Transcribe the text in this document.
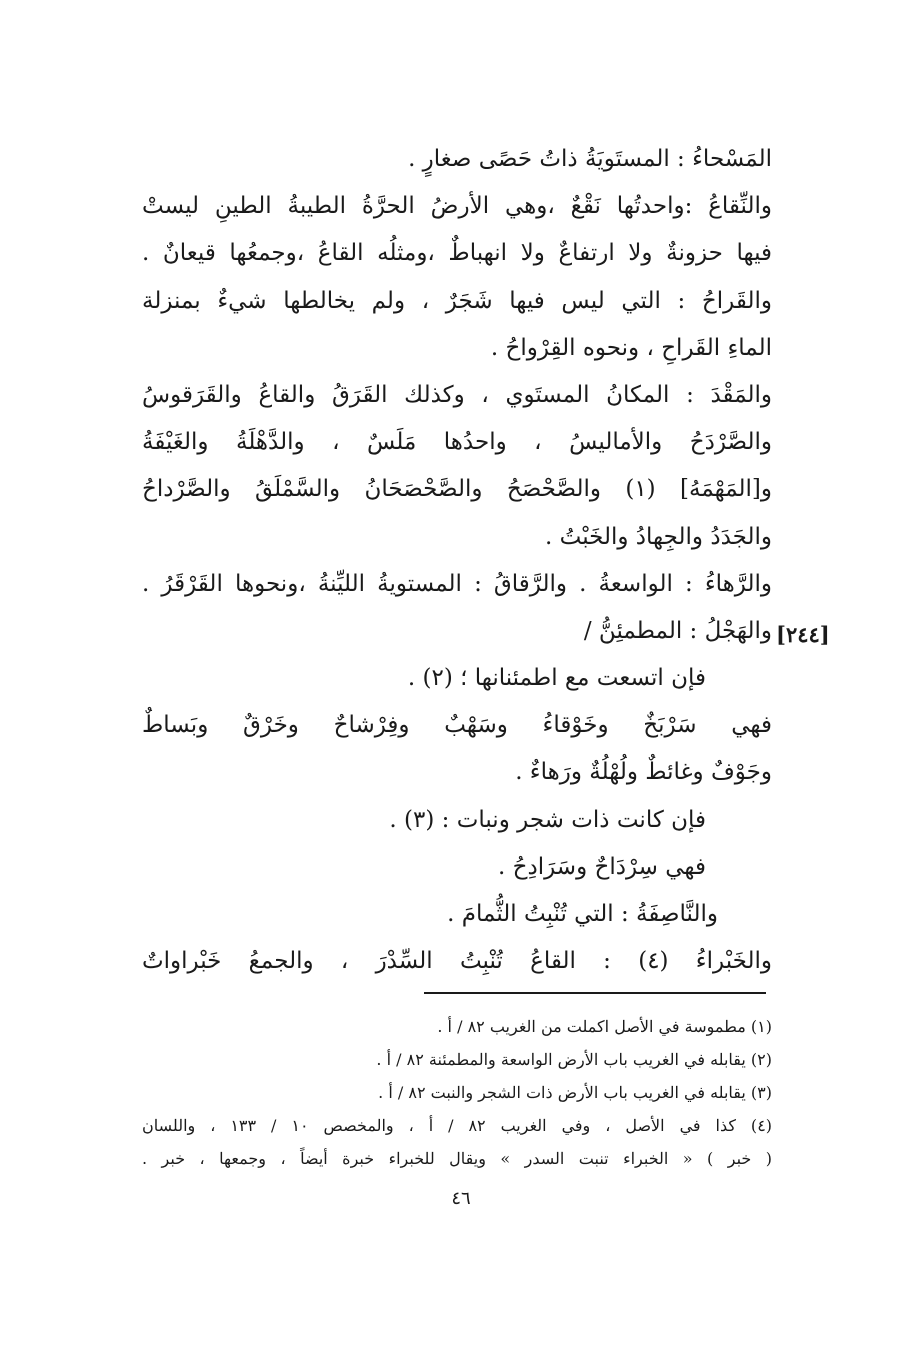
المَسْحاءُ : المستَويَةُ ذاتُ حَصًى صغارٍ .
والنِّقاعُ :واحدتُها نَقْعٌ ،وهي الأرضُ الحرَّةُ الطيبةُ الطينِ ليستْ
فيها حزونةٌ ولا ارتفاعٌ ولا انهباطٌ ،ومثلُه القاعُ ،وجمعُها قيعانٌ .
والقَراحُ : التي ليس فيها شَجَرٌ ، ولم يخالطها شيءٌ بمنزلة
الماءِ القَراحِ ، ونحوه القِرْواحُ .
والمَقْدَ : المكانُ المستَوي ، وكذلك القَرَقُ والقاعُ والقَرَقوسُ
والصَّرْدَحُ والأماليسُ ، واحدُها مَلَسٌ ، والدَّهْلَةُ والغَيْفَةُ
و[المَهْمَهُ] (١) والصَّحْصَحُ والصَّحْصَحَانُ والسَّمْلَقُ والصَّرْداحُ
والجَدَدُ والجِهادُ والخَبْتُ .
والرَّهاءُ : الواسعةُ . والرَّقاقُ : المستويةُ الليِّنةُ ،ونحوها القَرْقَرُ .
والهَجْلُ : المطمئِنُّ /
فإن اتسعت مع اطمئنانها ؛ (٢) .
فهي سَرْبَخٌ وخَوْقاءُ وسَهْبٌ وفِرْشاحٌ وخَرْقٌ وبَساطٌ
وجَوْفٌ وغائطٌ ولُهْلُةٌ ورَهاءٌ .
فإن كانت ذات شجر ونبات : (٣) .
فهي سِرْدَاحٌ وسَرَادِحُ .
والنَّاصِفَةُ : التي تُنْبِتُ الثُّمامَ .
والخَبْراءُ (٤) : القاعُ تُنْبِتُ السِّدْرَ ، والجمعُ خَبْراواتٌ
[٢٤٤]
(١) مطموسة في الأصل اكملت من الغريب ٨٢ / أ .
(٢) يقابله في الغريب باب الأرض الواسعة والمطمئنة ٨٢ / أ .
(٣) يقابله في الغريب باب الأرض ذات الشجر والنبت ٨٢ / أ .
(٤) كذا في الأصل ، وفي الغريب ٨٢ / أ ، والمخصص ١٠ / ١٣٣ ، واللسان
( خبر ) « الخبراء تنبت السدر » ويقال للخبراء خبرة أيضاً ، وجمعها ، خبر .
٤٦
